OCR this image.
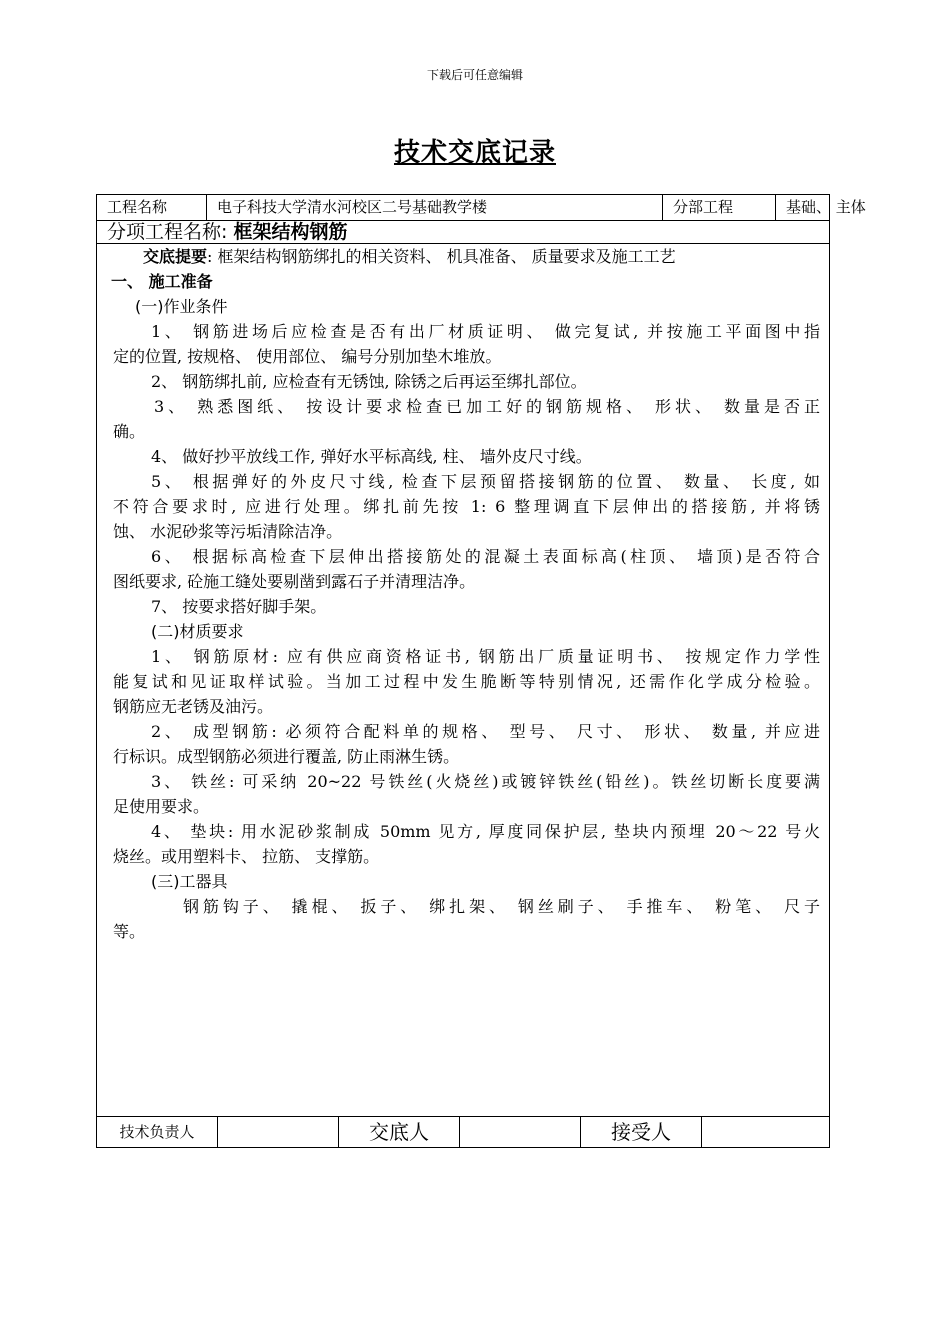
下载后可任意编辑
技术交底记录
工程名称	电子科技大学清水河校区二号基础教学楼	分部工程	基础、 主体
分项工程名称: 框架结构钢筋
交底提要: 框架结构钢筋绑扎的相关资料、 机具准备、 质量要求及施工工艺
一、 施工准备
(一)作业条件
1、 钢筋进场后应检查是否有出厂材质证明、 做完复试, 并按施工平面图中指
定的位置, 按规格、 使用部位、 编号分别加垫木堆放。
2、 钢筋绑扎前, 应检查有无锈蚀, 除锈之后再运至绑扎部位。
3、 熟悉图纸、 按设计要求检查已加工好的钢筋规格、 形状、 数量是否正
确。
4、 做好抄平放线工作, 弹好水平标高线, 柱、 墙外皮尺寸线。
5、 根据弹好的外皮尺寸线, 检查下层预留搭接钢筋的位置、 数量、 长度, 如
不符合要求时, 应进行处理。绑扎前先按 1: 6 整理调直下层伸出的搭接筋, 并将锈
蚀、 水泥砂浆等污垢清除洁净。
6、 根据标高检查下层伸出搭接筋处的混凝土表面标高(柱顶、 墙顶)是否符合
图纸要求, 砼施工缝处要剔凿到露石子并清理洁净。
7、 按要求搭好脚手架。
(二)材质要求
1、 钢筋原材: 应有供应商资格证书, 钢筋出厂质量证明书、 按规定作力学性
能复试和见证取样试验。当加工过程中发生脆断等特别情况, 还需作化学成分检验。
钢筋应无老锈及油污。
2、 成型钢筋: 必须符合配料单的规格、 型号、 尺寸、 形状、 数量, 并应进
行标识。成型钢筋必须进行覆盖, 防止雨淋生锈。
3、 铁丝: 可采纳 20~22 号铁丝(火烧丝)或镀锌铁丝(铅丝)。铁丝切断长度要满
足使用要求。
4、 垫块: 用水泥砂浆制成 50mm 见方, 厚度同保护层, 垫块内预埋 20～22 号火
烧丝。或用塑料卡、 拉筋、 支撑筋。
(三)工器具
钢筋钩子、 撬棍、 扳子、 绑扎架、 钢丝刷子、 手推车、 粉笔、 尺子
等。
技术负责人	交底人	接受人
